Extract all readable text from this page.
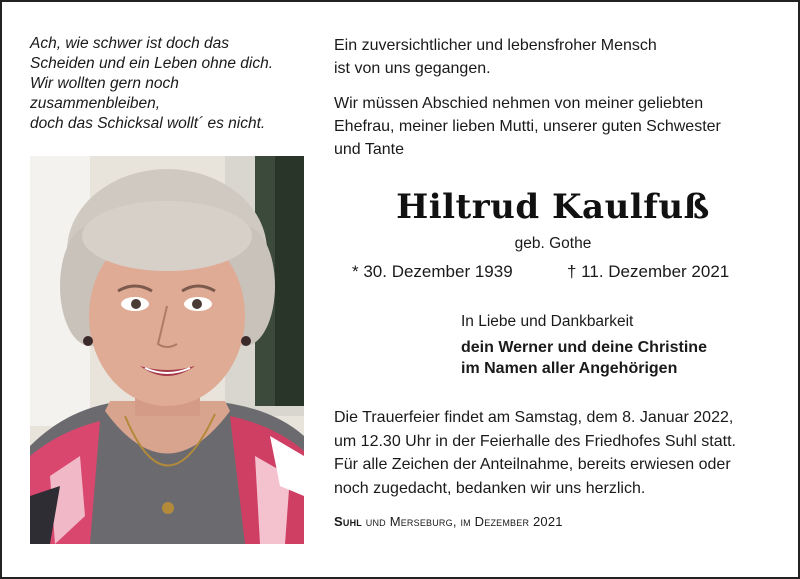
Ach, wie schwer ist doch das
Scheiden und ein Leben ohne dich.
Wir wollten gern noch
zusammenbleiben,
doch das Schicksal wollt´ es nicht.
Ein zuversichtlicher und lebensfroher Mensch
ist von uns gegangen.
Wir müssen Abschied nehmen von meiner geliebten
Ehefrau, meiner lieben Mutti, unserer guten Schwester
und Tante
Hiltrud Kaulfuß
geb. Gothe
* 30. Dezember 1939	† 11. Dezember 2021
In Liebe und Dankbarkeit
dein Werner und deine Christine
im Namen aller Angehörigen
Die Trauerfeier findet am Samstag, dem 8. Januar 2022,
um 12.30 Uhr in der Feierhalle des Friedhofes Suhl statt.
Für alle Zeichen der Anteilnahme, bereits erwiesen oder
noch zugedacht, bedanken wir uns herzlich.
Suhl und Merseburg, im Dezember 2021
